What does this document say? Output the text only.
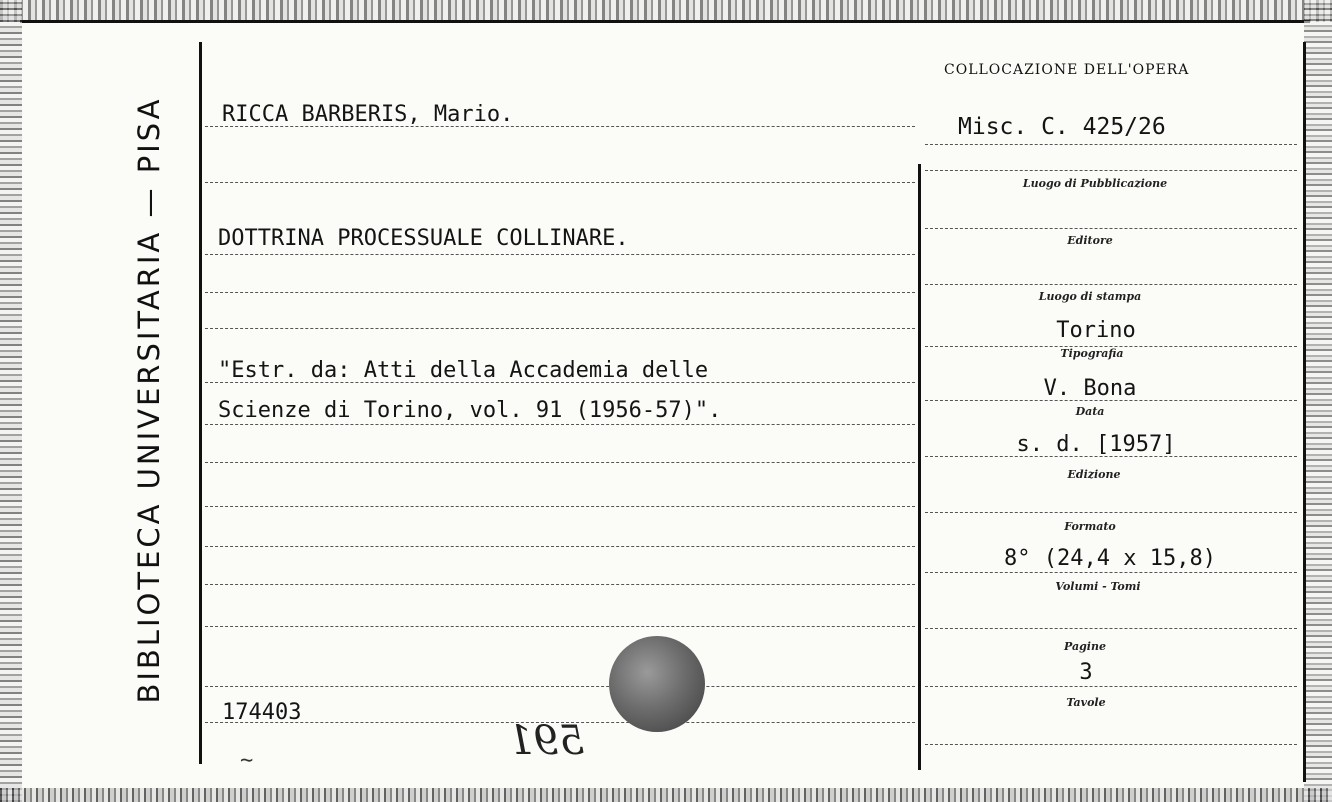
BIBLIOTECA UNIVERSITARIA — PISA	RICCA BARBERIS, Mario.
DOTTRINA PROCESSUALE COLLINARE.
"Estr. da: Atti della Accademia delle
Scienze di Torino, vol. 91 (1956-57)".
174403
COLLOCAZIONE DELL'OPERA
Misc. C. 425/26
Luogo di Pubblicazione
Editore
Luogo di stampa
Torino
Tipografia
V. Bona
Data
s. d. [1957]
Edizione
Formato
8° (24,4 x 15,8)
Volumi - Tomi
Pagine
3
Tavole
591
∼
